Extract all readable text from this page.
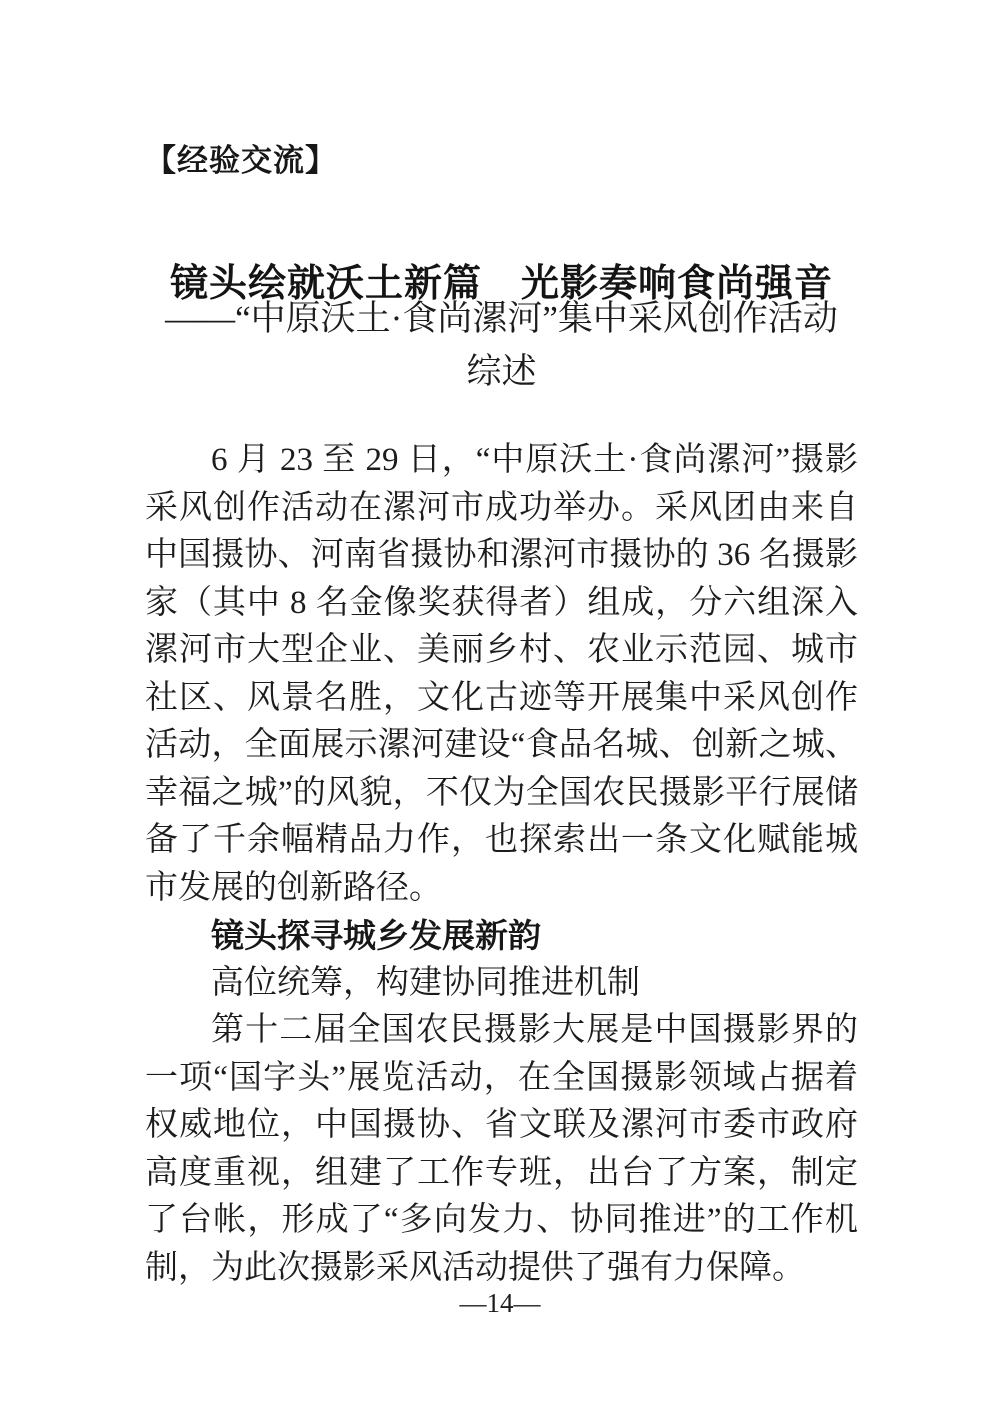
【经验交流】
镜头绘就沃土新篇　光影奏响食尚强音
——“中原沃土·食尚漯河”集中采风创作活动
综述

6 月 23 至 29 日，“中原沃土·食尚漯河”摄影采风创作活动在漯河市成功举办。采风团由来自中国摄协、河南省摄协和漯河市摄协的 36 名摄影家（其中 8 名金像奖获得者）组成，分六组深入漯河市大型企业、美丽乡村、农业示范园、城市社区、风景名胜，文化古迹等开展集中采风创作活动，全面展示漯河建设“食品名城、创新之城、幸福之城”的风貌，不仅为全国农民摄影平行展储备了千余幅精品力作，也探索出一条文化赋能城市发展的创新路径。

镜头探寻城乡发展新韵
高位统筹，构建协同推进机制

第十二届全国农民摄影大展是中国摄影界的一项“国字头”展览活动，在全国摄影领域占据着权威地位，中国摄协、省文联及漯河市委市政府高度重视，组建了工作专班，出台了方案，制定了台帐，形成了“多向发力、协同推进”的工作机制，为此次摄影采风活动提供了强有力保障。

—14—
